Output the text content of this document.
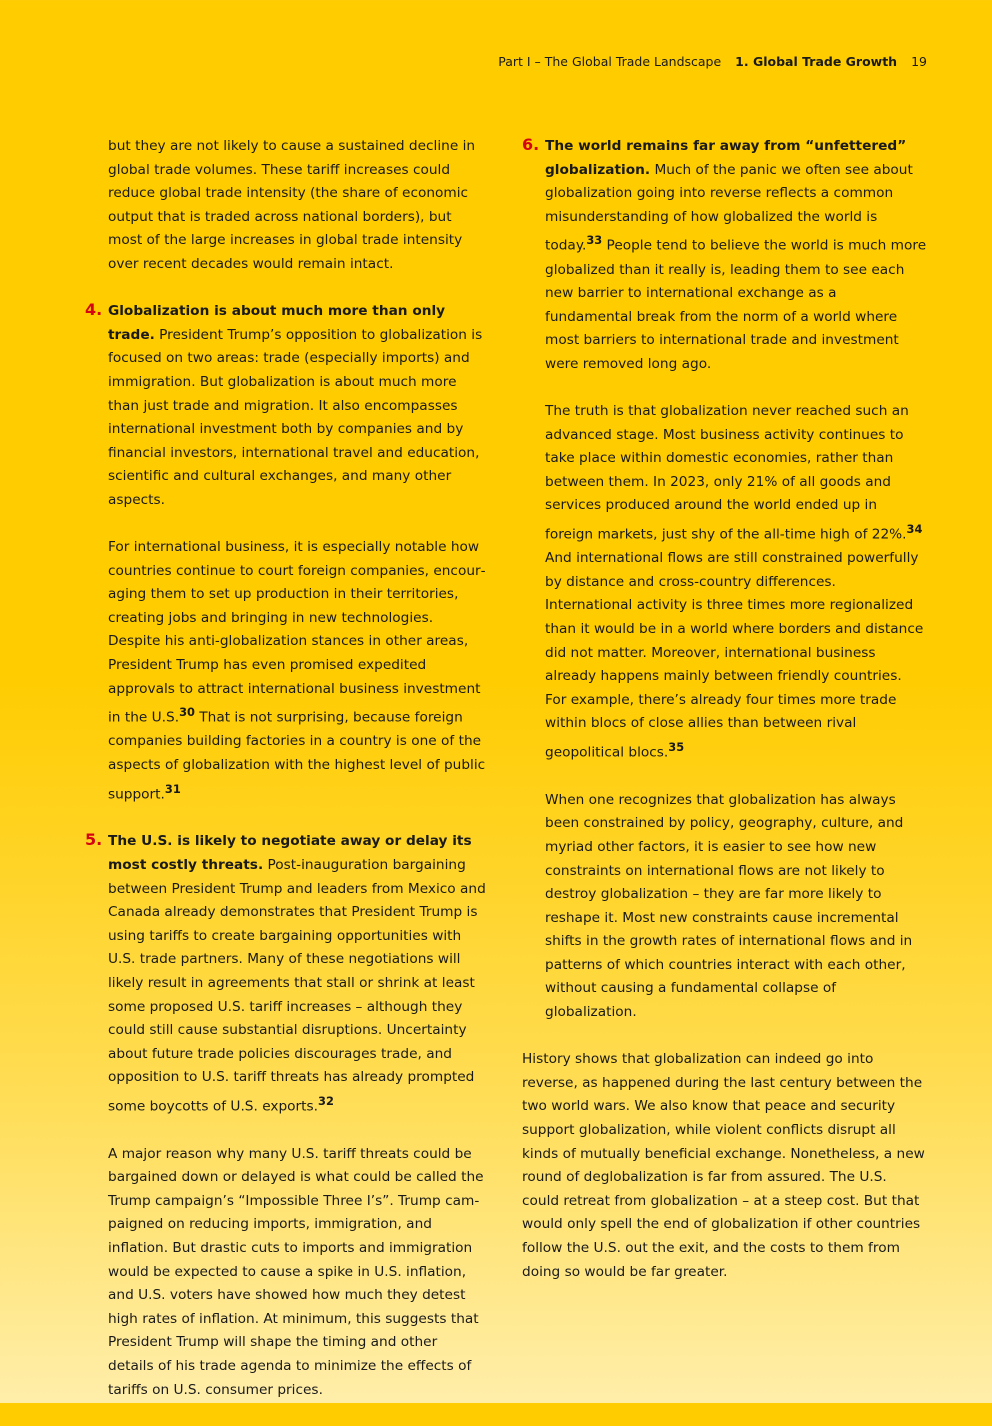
Part I – The Global Trade Landscape 1. Global Trade Growth 19

but they are not likely to cause a sustained decline in global trade volumes. These tariff increases could reduce global trade intensity (the share of economic output that is traded across national borders), but most of the large increases in global trade intensity over recent decades would remain intact.

4. Globalization is about much more than only trade. President Trump’s opposition to globalization is focused on two areas: trade (especially imports) and immigration. But globalization is about much more than just trade and migration. It also encompasses international investment both by companies and by financial investors, international travel and education, scientific and cultural exchanges, and many other aspects.

For international business, it is especially notable how countries continue to court foreign companies, encouraging them to set up production in their territories, creating jobs and bringing in new technologies. Despite his anti-globalization stances in other areas, President Trump has even promised expedited approvals to attract international business investment in the U.S.$^{30}$ That is not surprising, because foreign companies building factories in a country is one of the aspects of globalization with the highest level of public support.$^{31}$

5. The U.S. is likely to negotiate away or delay its most costly threats. Post-inauguration bargaining between President Trump and leaders from Mexico and Canada already demonstrates that President Trump is using tariffs to create bargaining opportunities with U.S. trade partners. Many of these negotiations will likely result in agreements that stall or shrink at least some proposed U.S. tariff increases – although they could still cause substantial disruptions. Uncertainty about future trade policies discourages trade, and opposition to U.S. tariff threats has already prompted some boycotts of U.S. exports.$^{32}$

A major reason why many U.S. tariff threats could be bargained down or delayed is what could be called the Trump campaign’s “Impossible Three I’s”. Trump campaigned on reducing imports, immigration, and inflation. But drastic cuts to imports and immigration would be expected to cause a spike in U.S. inflation, and U.S. voters have showed how much they detest high rates of inflation. At minimum, this suggests that President Trump will shape the timing and other details of his trade agenda to minimize the effects of tariffs on U.S. consumer prices.

6. The world remains far away from “unfettered” globalization. Much of the panic we often see about globalization going into reverse reflects a common misunderstanding of how globalized the world is today.$^{33}$ People tend to believe the world is much more globalized than it really is, leading them to see each new barrier to international exchange as a fundamental break from the norm of a world where most barriers to international trade and investment were removed long ago.

The truth is that globalization never reached such an advanced stage. Most business activity continues to take place within domestic economies, rather than between them. In 2023, only 21% of all goods and services produced around the world ended up in foreign markets, just shy of the all-time high of 22%.$^{34}$ And international flows are still constrained powerfully by distance and cross-country differences. International activity is three times more regionalized than it would be in a world where borders and distance did not matter. Moreover, international business already happens mainly between friendly countries. For example, there’s already four times more trade within blocs of close allies than between rival geopolitical blocs.$^{35}$

When one recognizes that globalization has always been constrained by policy, geography, culture, and myriad other factors, it is easier to see how new constraints on international flows are not likely to destroy globalization – they are far more likely to reshape it. Most new constraints cause incremental shifts in the growth rates of international flows and in patterns of which countries interact with each other, without causing a fundamental collapse of globalization.

History shows that globalization can indeed go into reverse, as happened during the last century between the two world wars. We also know that peace and security support globalization, while violent conflicts disrupt all kinds of mutually beneficial exchange. Nonetheless, a new round of deglobalization is far from assured. The U.S. could retreat from globalization – at a steep cost. But that would only spell the end of globalization if other countries follow the U.S. out the exit, and the costs to them from doing so would be far greater.
